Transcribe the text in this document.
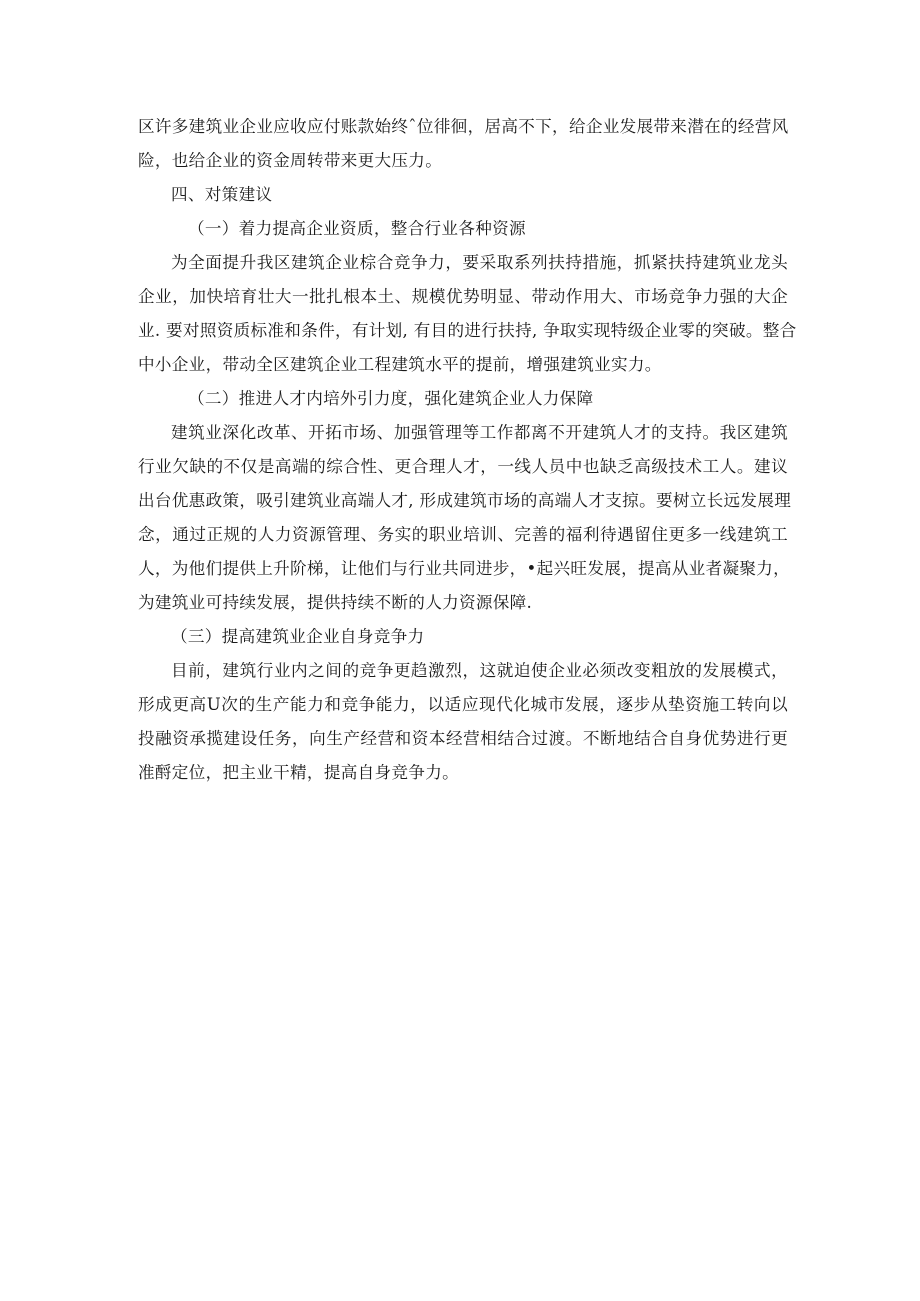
区许多建筑业企业应收应付账款始终ˆ位徘徊，居高不下，给企业发展带来潜在的经营风
险，也给企业的资金周转带来更大压力。
四、对策建议
（一）着力提高企业资质，整合行业各种资源
为全面提升我区建筑企业棕合竞争力，要采取系列扶持措施，抓紧扶持建筑业龙头
企业，加快培育壮大一批扎根本土、规模优势明显、带动作用大、市场竞争力强的大企
业. 要对照资质标准和条件，有计划, 有目的进行扶持, 争取实现特级企业零的突破。整合
中小企业，带动全区建筑企业工程建筑水平的提前，增强建筑业实力。
（二）推进人才内培外引力度，强化建筑企业人力保障
建筑业深化改革、开拓市场、加强管理等工作都离不开建筑人才的支持。我区建筑
行业欠缺的不仅是高端的综合性、更合理人才，一线人员中也缺乏高级技术工人。建议
出台优惠政策，吸引建筑业高端人才, 形成建筑市场的高端人才支掠。要树立长远发展理
念，通过正规的人力资源管理、务实的职业培训、完善的福利待遇留住更多一线建筑工
人，为他们提供上升阶梯，让他们与行业共同进步，•起兴旺发展，提高从业者凝聚力，
为建筑业可持续发展，提供持续不断的人力资源保障.
（三）提高建筑业企业自身竞争力
目前，建筑行业内之间的竞争更趋激烈，这就迫使企业必须改变粗放的发展模式，
形成更高U次的生产能力和竞争能力，以适应现代化城市发展，逐步从垫资施工转向以
投融资承揽建设任务，向生产经营和资本经营相结合过渡。不断地结合自身优势进行更
准酹定位，把主业干精，提高自身竞争力。
